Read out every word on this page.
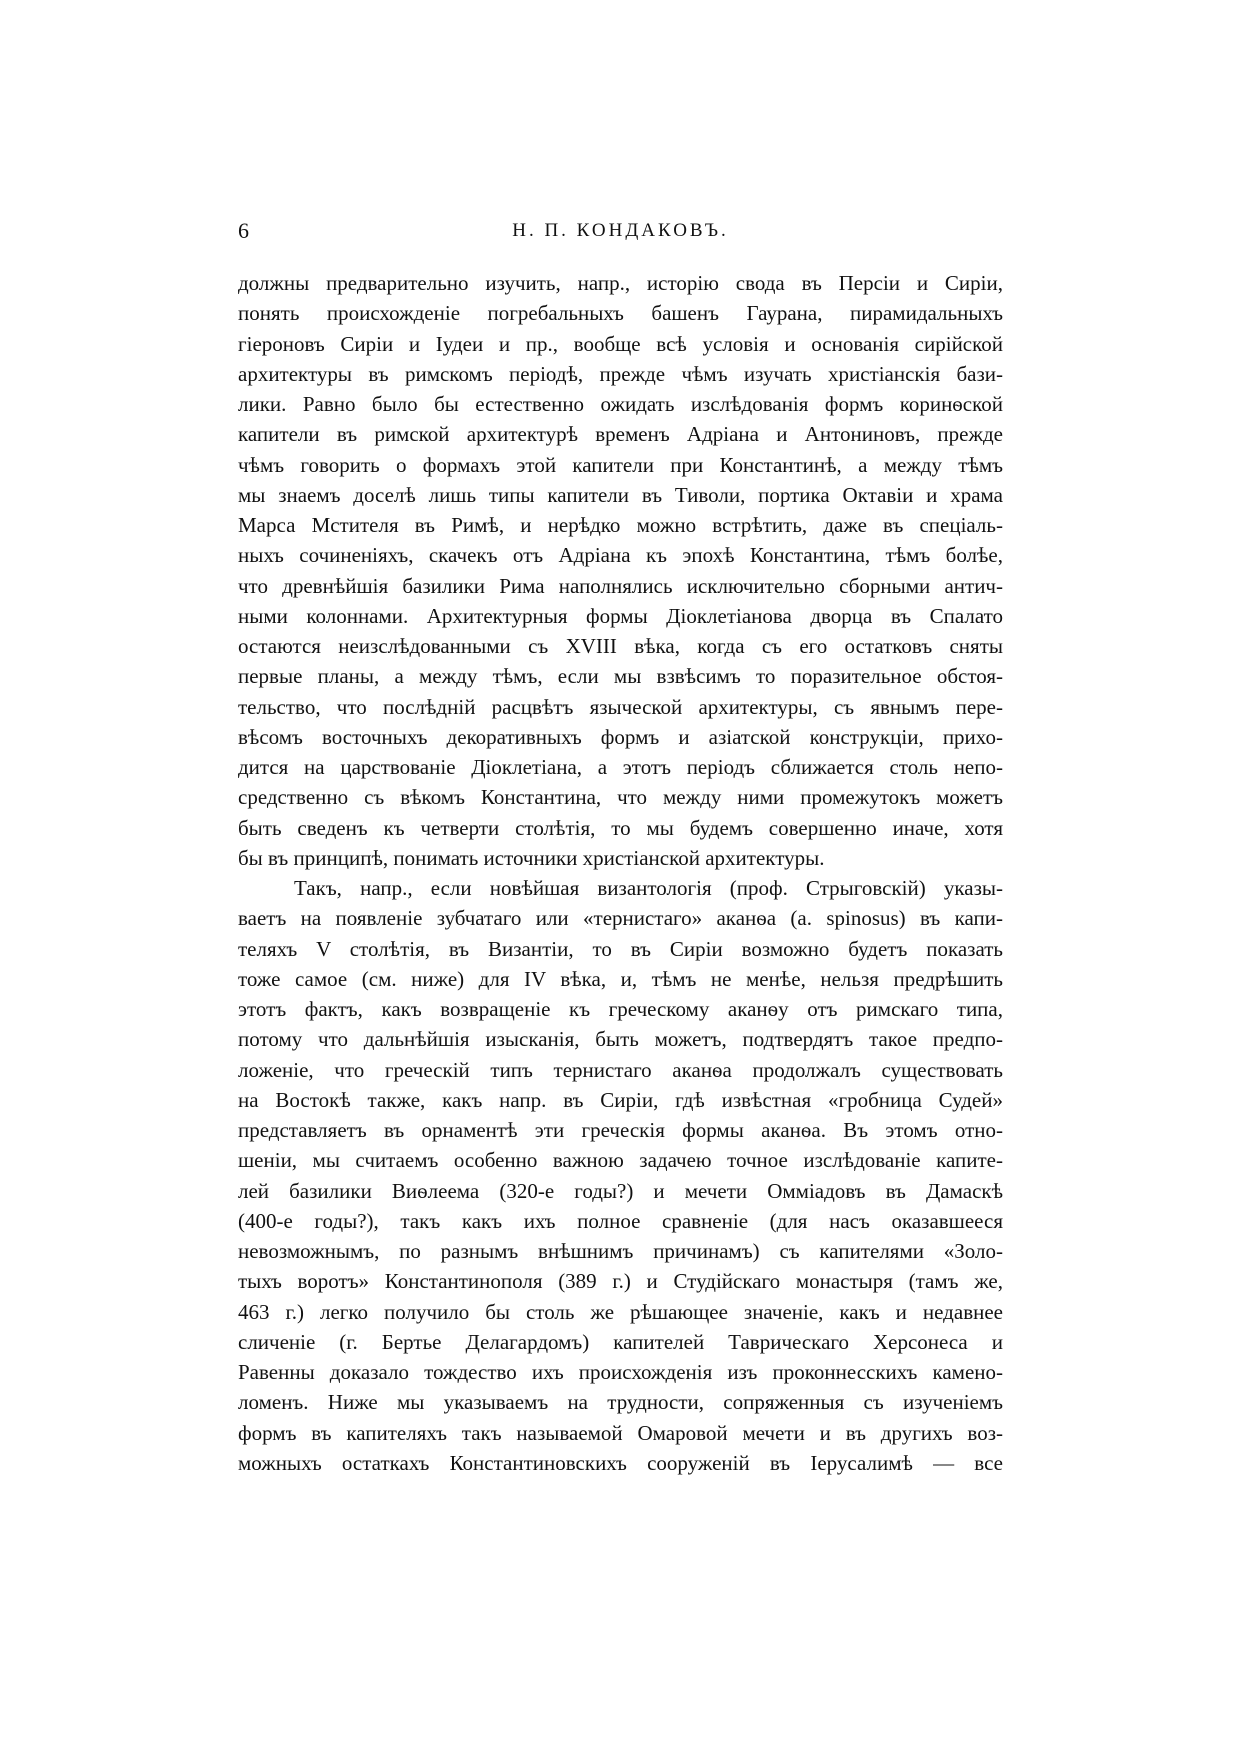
6	Н. П. КОНДАКОВЪ.
должны предварительно изучить, напр., исторію свода въ Персіи и Сиріи,
понять происхожденіе погребальныхъ башенъ Гаурана, пирамидальныхъ
гіероновъ Сиріи и Іудеи и пр., вообще всѣ условія и основанія сирійской
архитектуры въ римскомъ періодѣ, прежде чѣмъ изучать христіанскія бази-
лики. Равно было бы естественно ожидать изслѣдованія формъ коринѳской
капители въ римской архитектурѣ временъ Адріана и Антониновъ, прежде
чѣмъ говорить о формахъ этой капители при Константинѣ, а между тѣмъ
мы знаемъ доселѣ лишь типы капители въ Тиволи, портика Октавіи и храма
Марса Мстителя въ Римѣ, и нерѣдко можно встрѣтить, даже въ спеціаль-
ныхъ сочиненіяхъ, скачекъ отъ Адріана къ эпохѣ Константина, тѣмъ болѣе,
что древнѣйшія базилики Рима наполнялись исключительно сборными антич-
ными колоннами. Архитектурныя формы Діоклетіанова дворца въ Спалато
остаются неизслѣдованными съ XVIII вѣка, когда съ его остатковъ сняты
первые планы, а между тѣмъ, если мы взвѣсимъ то поразительное обстоя-
тельство, что послѣдній расцвѣтъ языческой архитектуры, съ явнымъ пере-
вѣсомъ восточныхъ декоративныхъ формъ и азіатской конструкціи, прихо-
дится на царствованіе Діоклетіана, а этотъ періодъ сближается столь непо-
средственно съ вѣкомъ Константина, что между ними промежутокъ можетъ
быть сведенъ къ четверти столѣтія, то мы будемъ совершенно иначе, хотя
бы въ принципѣ, понимать источники христіанской архитектуры.
Такъ, напр., если новѣйшая византологія (проф. Стрыговскій) указы-
ваетъ на появленіе зубчатаго или «тернистаго» аканѳа (a. spinosus) въ капи-
теляхъ V столѣтія, въ Византіи, то въ Сиріи возможно будетъ показать
тоже самое (см. ниже) для IV вѣка, и, тѣмъ не менѣе, нельзя предрѣшить
этотъ фактъ, какъ возвращеніе къ греческому аканѳу отъ римскаго типа,
потому что дальнѣйшія изысканія, быть можетъ, подтвердятъ такое предпо-
ложеніе, что греческій типъ тернистаго аканѳа продолжалъ существовать
на Востокѣ также, какъ напр. въ Сиріи, гдѣ извѣстная «гробница Судей»
представляетъ въ орнаментѣ эти греческія формы аканѳа. Въ этомъ отно-
шеніи, мы считаемъ особенно важною задачею точное изслѣдованіе капите-
лей базилики Виѳлеема (320-е годы?) и мечети Омміадовъ въ Дамаскѣ
(400-е годы?), такъ какъ ихъ полное сравненіе (для насъ оказавшееся
невозможнымъ, по разнымъ внѣшнимъ причинамъ) съ капителями «Золо-
тыхъ воротъ» Константинополя (389 г.) и Студійскаго монастыря (тамъ же,
463 г.) легко получило бы столь же рѣшающее значеніе, какъ и недавнее
сличеніе (г. Бертье Делагардомъ) капителей Таврическаго Херсонеса и
Равенны доказало тождество ихъ происхожденія изъ проконнесскихъ камено-
ломенъ. Ниже мы указываемъ на трудности, сопряженныя съ изученіемъ
формъ въ капителяхъ такъ называемой Омаровой мечети и въ другихъ воз-
можныхъ остаткахъ Константиновскихъ сооруженій въ Іерусалимѣ — все
